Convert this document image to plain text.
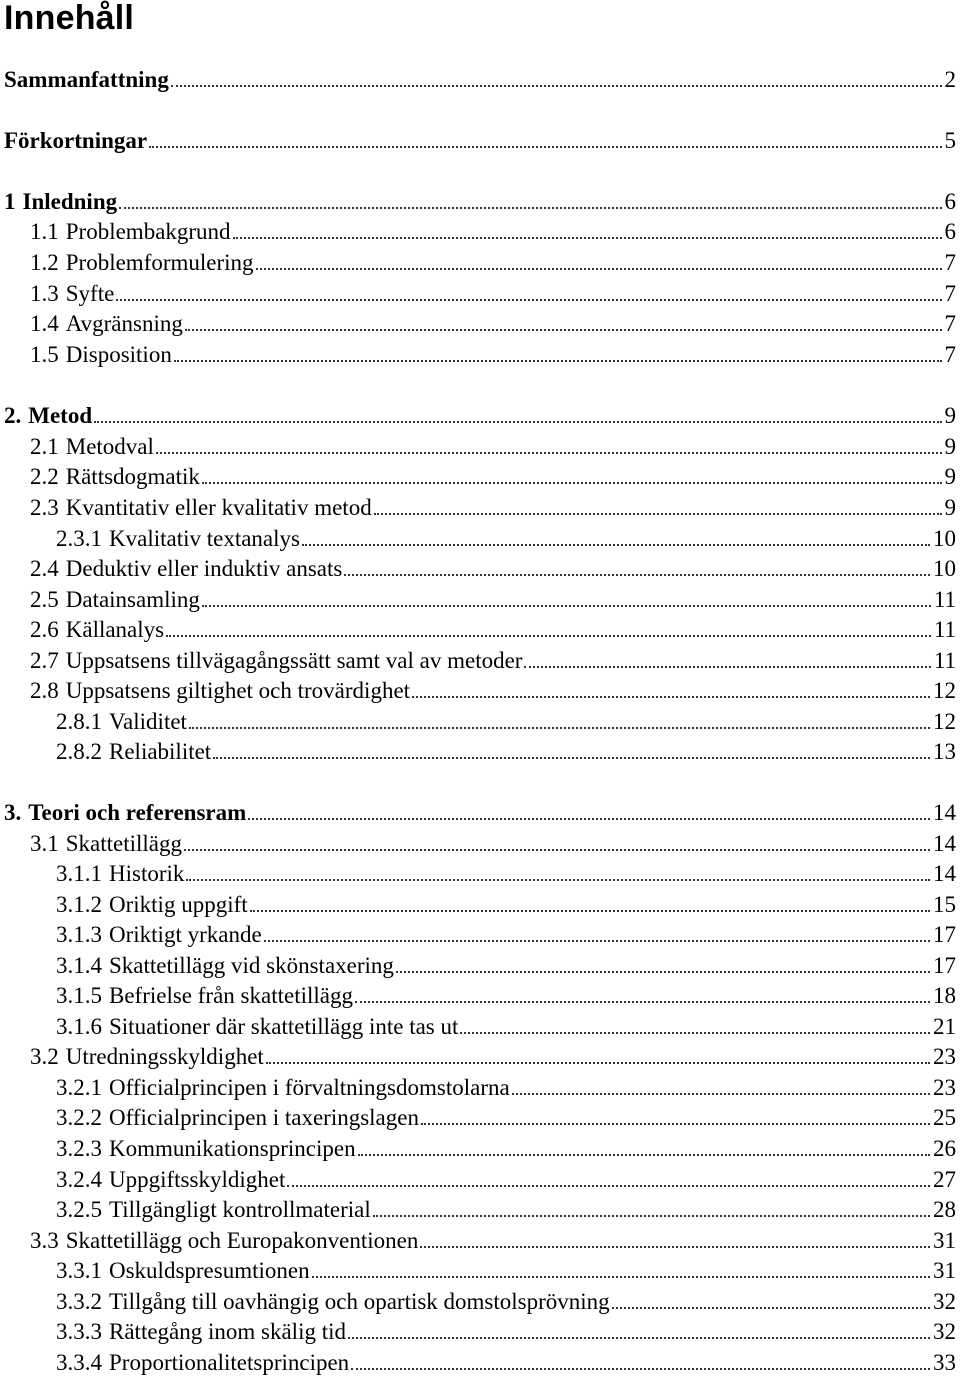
Innehåll
Sammanfattning	2
Förkortningar	5
1 Inledning	6
1.1 Problembakgrund	6
1.2 Problemformulering	7
1.3 Syfte	7
1.4 Avgränsning	7
1.5 Disposition	7
2. Metod	9
2.1 Metodval	9
2.2 Rättsdogmatik	9
2.3 Kvantitativ eller kvalitativ metod	9
2.3.1 Kvalitativ textanalys	10
2.4 Deduktiv eller induktiv ansats	10
2.5 Datainsamling	11
2.6 Källanalys	11
2.7 Uppsatsens tillvägagångssätt samt val av metoder	11
2.8 Uppsatsens giltighet och trovärdighet	12
2.8.1 Validitet	12
2.8.2 Reliabilitet	13
3. Teori och referensram	14
3.1 Skattetillägg	14
3.1.1 Historik	14
3.1.2 Oriktig uppgift	15
3.1.3 Oriktigt yrkande	17
3.1.4 Skattetillägg vid skönstaxering	17
3.1.5 Befrielse från skattetillägg	18
3.1.6 Situationer där skattetillägg inte tas ut	21
3.2 Utredningsskyldighet	23
3.2.1 Officialprincipen i förvaltningsdomstolarna	23
3.2.2 Officialprincipen i taxeringslagen	25
3.2.3 Kommunikationsprincipen	26
3.2.4 Uppgiftsskyldighet	27
3.2.5 Tillgängligt kontrollmaterial	28
3.3 Skattetillägg och Europakonventionen	31
3.3.1 Oskuldspresumtionen	31
3.3.2 Tillgång till oavhängig och opartisk domstolsprövning	32
3.3.3 Rättegång inom skälig tid	32
3.3.4 Proportionalitetsprincipen	33
